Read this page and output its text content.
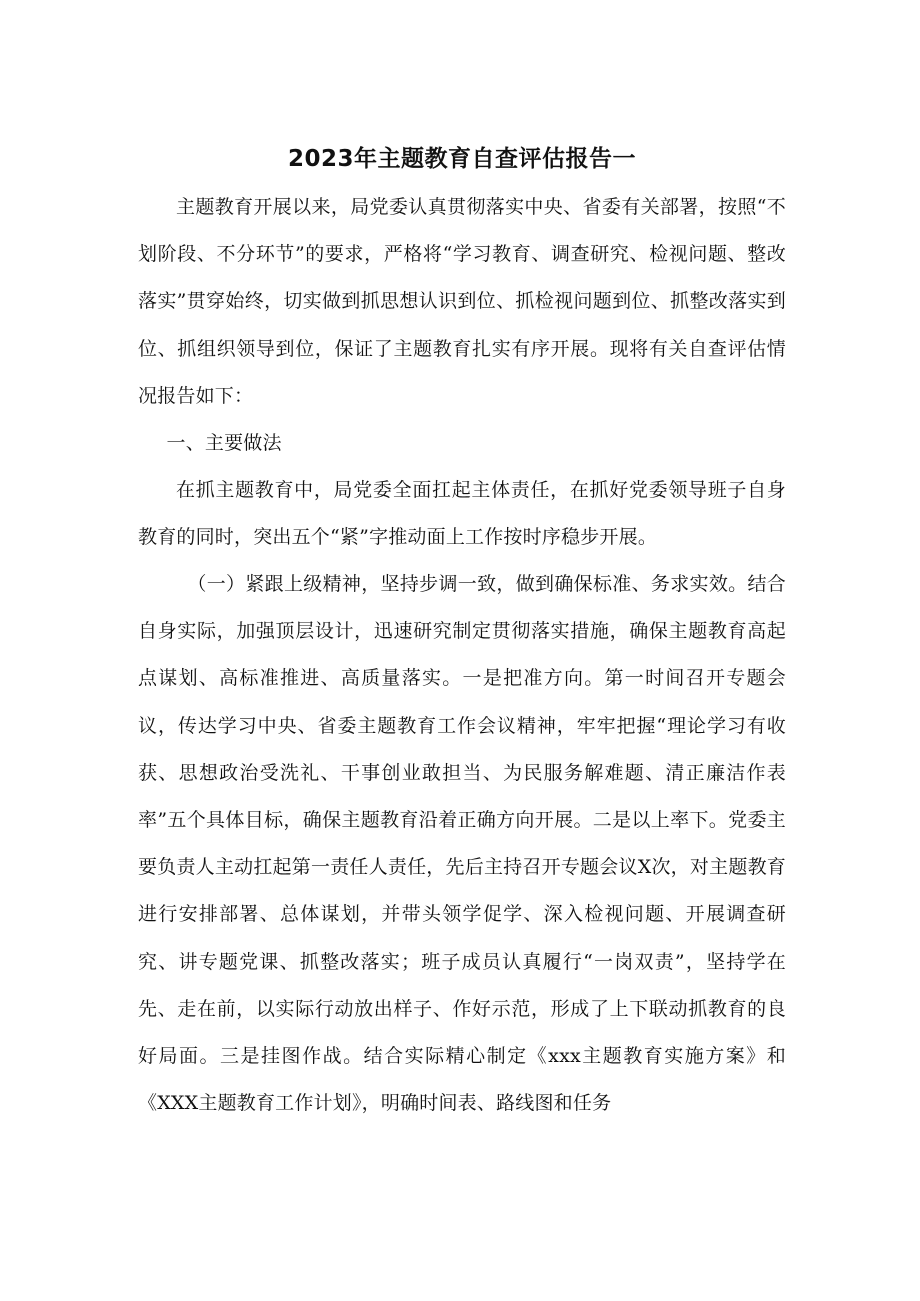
2023年主题教育自查评估报告一

主题教育开展以来，局党委认真贯彻落实中央、省委有关部署，按照“不划阶段、不分环节”的要求，严格将“学习教育、调查研究、检视问题、整改落实”贯穿始终，切实做到抓思想认识到位、抓检视问题到位、抓整改落实到位、抓组织领导到位，保证了主题教育扎实有序开展。现将有关自查评估情况报告如下：

一、主要做法

在抓主题教育中，局党委全面扛起主体责任，在抓好党委领导班子自身教育的同时，突出五个“紧”字推动面上工作按时序稳步开展。

（一）紧跟上级精神，坚持步调一致，做到确保标准、务求实效。结合自身实际，加强顶层设计，迅速研究制定贯彻落实措施，确保主题教育高起点谋划、高标准推进、高质量落实。一是把准方向。第一时间召开专题会议，传达学习中央、省委主题教育工作会议精神，牢牢把握“理论学习有收获、思想政治受洗礼、干事创业敢担当、为民服务解难题、清正廉洁作表率”五个具体目标，确保主题教育沿着正确方向开展。二是以上率下。党委主要负责人主动扛起第一责任人责任，先后主持召开专题会议X次，对主题教育进行安排部署、总体谋划，并带头领学促学、深入检视问题、开展调查研究、讲专题党课、抓整改落实；班子成员认真履行“一岗双责”，坚持学在先、走在前，以实际行动放出样子、作好示范，形成了上下联动抓教育的良好局面。三是挂图作战。结合实际精心制定《xxx主题教育实施方案》和《XXX主题教育工作计划》，明确时间表、路线图和任务
